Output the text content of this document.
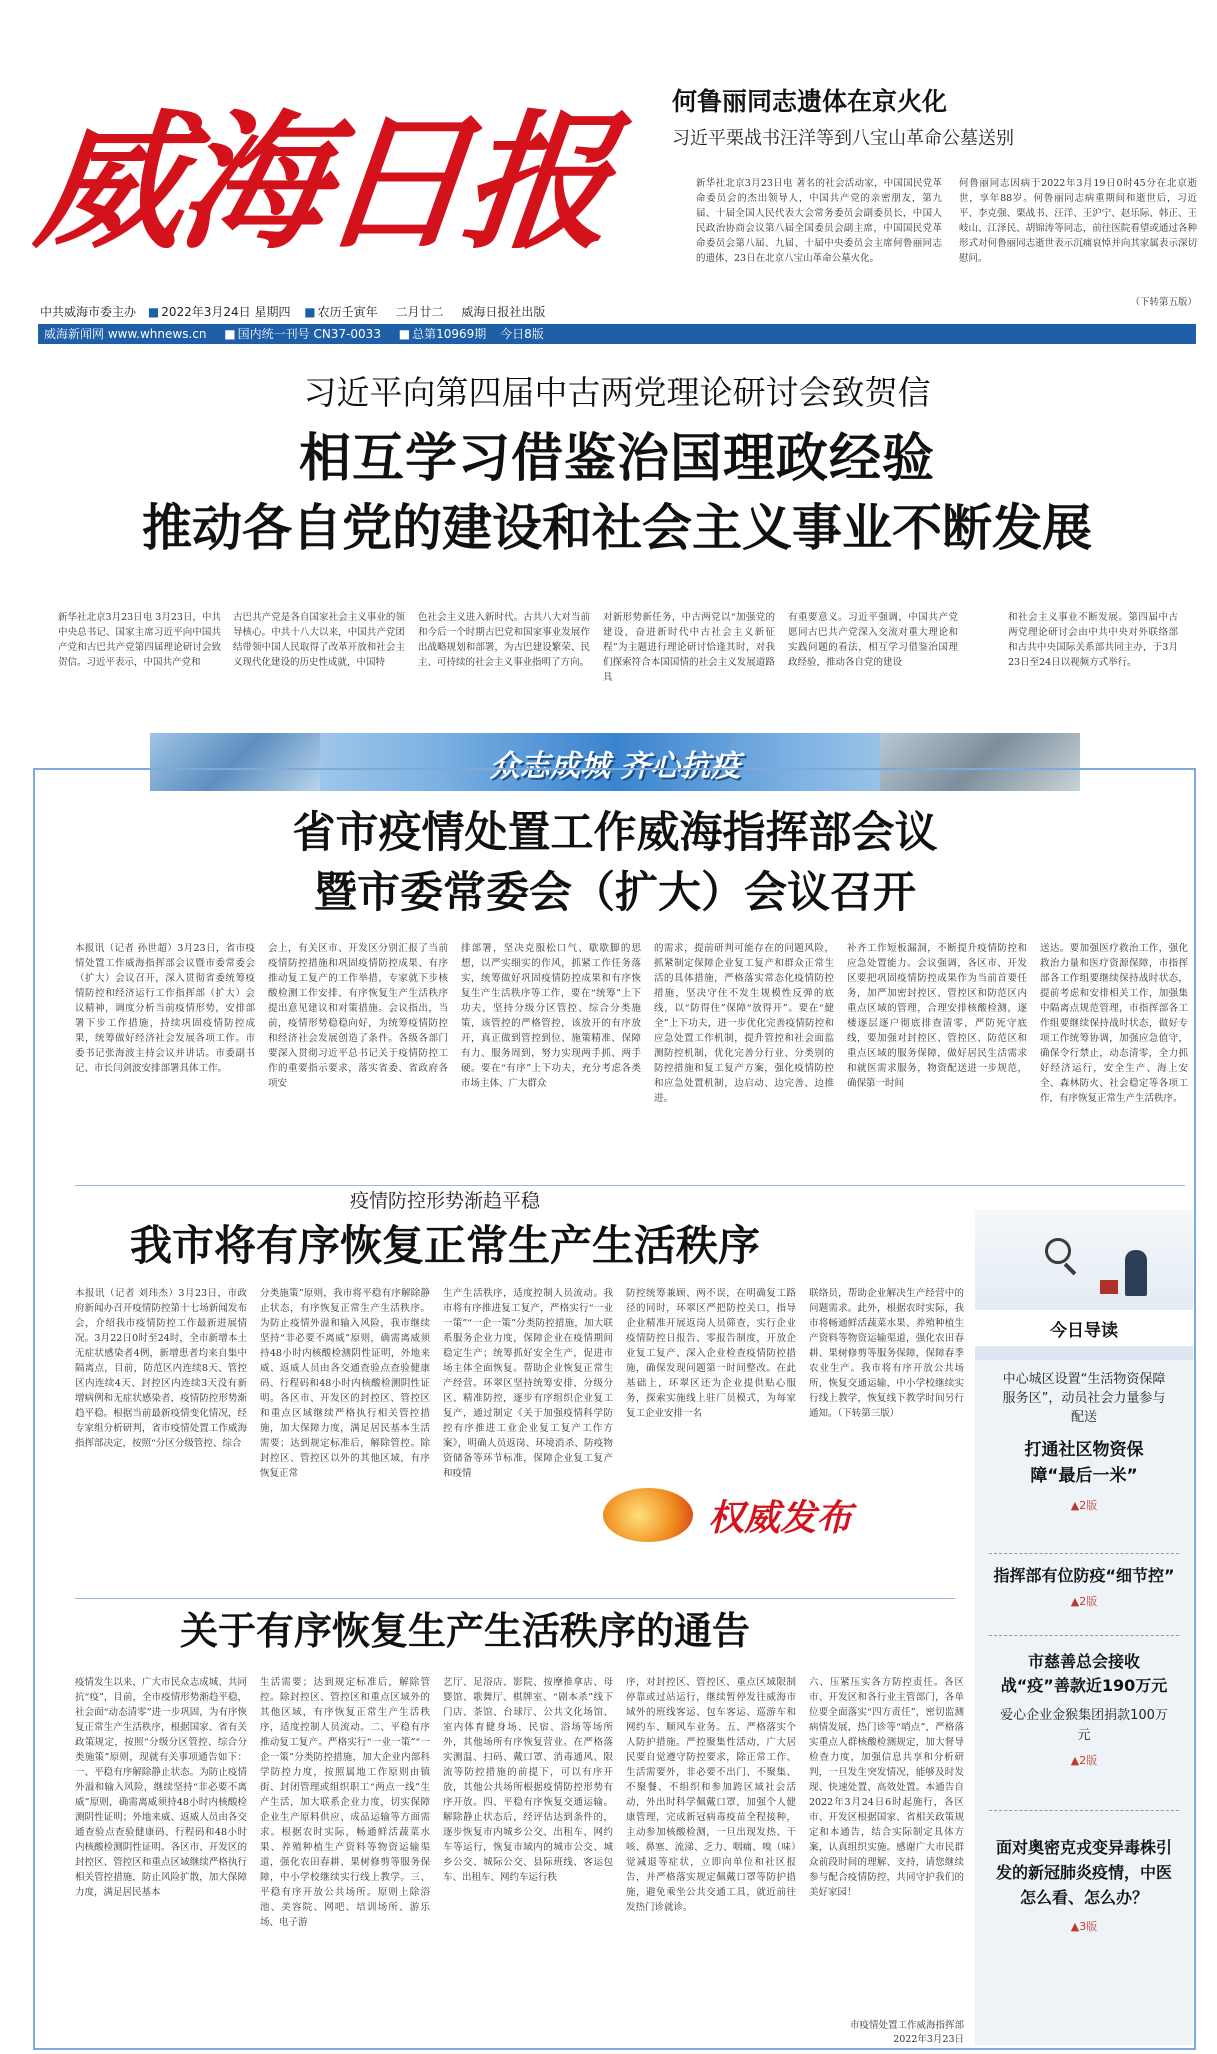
威海日报 何鲁丽同志遗体在京火化
习近平栗战书汪洋等到八宝山革命公墓送别
新华社北京3月23日电 著名的社会活动家，中国国民党革命委员会的杰出领导人，中国共产党的亲密朋友，第九届、十届全国人民代表大会常务委员会副委员长，中国人民政治协商会议第八届全国委员会副主席，中国国民党革命委员会第八届、九届、十届中央委员会主席何鲁丽同志的遗体，23日在北京八宝山革命公墓火化。
何鲁丽同志因病于2022年3月19日0时45分在北京逝世，享年88岁。何鲁丽同志病重期间和逝世后，习近平、李克强、栗战书、汪洋、王沪宁、赵乐际、韩正、王岐山、江泽民、胡锦涛等同志，前往医院看望或通过各种形式对何鲁丽同志逝世表示沉痛哀悼并向其家属表示深切慰问。
（下转第五版）
中共威海市委主办 ■ 2022年3月24日 星期四 ■ 农历壬寅年 二月廿二 威海日报社出版
威海新闻网 www.whnews.cn ■ 国内统一刊号 CN37-0033 ■ 总第10969期 今日8版
习近平向第四届中古两党理论研讨会致贺信
相互学习借鉴治国理政经验
推动各自党的建设和社会主义事业不断发展
新华社北京3月23日电 3月23日，中共中央总书记、国家主席习近平向中国共产党和古巴共产党第四届理论研讨会致贺信。习近平表示，中国共产党和
古巴共产党是各自国家社会主义事业的领导核心。中共十八大以来，中国共产党团结带领中国人民取得了改革开放和社会主义现代化建设的历史性成就，中国特
色社会主义进入新时代。古共八大对当前和今后一个时期古巴党和国家事业发展作出战略规划和部署，为古巴建设繁荣、民主、可持续的社会主义事业指明了方向。
对新形势新任务，中古两党以“加强党的建设，奋进新时代中古社会主义新征程”为主题进行理论研讨恰逢其时，对我们探索符合本国国情的社会主义发展道路具
有重要意义。习近平强调，中国共产党愿同古巴共产党深入交流对重大理论和实践问题的看法，相互学习借鉴治国理政经验，推动各自党的建设
和社会主义事业不断发展。第四届中古两党理论研讨会由中共中央对外联络部和古共中央国际关系部共同主办，于3月23日至24日以视频方式举行。
众志成城 齐心抗疫
省市疫情处置工作威海指挥部会议
暨市委常委会（扩大）会议召开
本报讯（记者 孙世超）3月23日，省市疫情处置工作威海指挥部会议暨市委常委会（扩大）会议召开，深入贯彻省委统筹疫情防控和经济运行工作指挥部（扩大）会议精神，调度分析当前疫情形势，安排部署下步工作措施，持续巩固疫情防控成果，统筹做好经济社会发展各项工作。市委书记张海波主持会议并讲话。市委副书记、市长闫剑波安排部署具体工作。
会上，有关区市、开发区分别汇报了当前疫情防控措施和巩固疫情防控成果、有序推动复工复产的工作举措，专家就下步核酸检测工作安排、有序恢复生产生活秩序提出意见建议和对策措施。会议指出，当前，疫情形势稳稳向好，为统筹疫情防控和经济社会发展创造了条件。各级各部门要深入贯彻习近平总书记关于疫情防控工作的重要指示要求，落实省委、省政府各项安
排部署，坚决克服松口气、歇歇脚的思想，以严实细实的作风，抓紧工作任务落实，统筹做好巩固疫情防控成果和有序恢复生产生活秩序等工作，要在“统筹”上下功夫，坚持分级分区管控、综合分类施策，该管控的严格管控，该放开的有序放开，真正做到管控到位、施策精准、保障有力、服务周到，努力实现两手抓、两手硬。要在“有序”上下功夫，充分考虑各类市场主体、广大群众
的需求，提前研判可能存在的问题风险，抓紧制定保障企业复工复产和群众正常生活的具体措施，严格落实常态化疫情防控措施，坚决守住不发生规模性反弹的底线，以“防得住”保障“放得开”。要在“健全”上下功夫，进一步优化完善疫情防控和应急处置工作机制，提升管控和社会面监测防控机制，优化完善分行业、分类别的防控措施和复工复产方案，强化疫情防控和应急处置机制，边启动、边完善、边推进。
补齐工作短板漏洞，不断提升疫情防控和应急处置能力。会议强调，各区市、开发区要把巩固疫情防控成果作为当前首要任务，加严加密封控区、管控区和防范区内重点区域的管理，合理安排核酸检测，逐楼逐层逐户彻底排查清零，严防死守底线，要加强对封控区、管控区、防范区和重点区域的服务保障，做好居民生活需求和就医需求服务，物资配送进一步规范，确保第一时间
送达。要加强医疗救治工作，强化救治力量和医疗资源保障，市指挥部各工作组要继续保持战时状态，提前考虑和安排相关工作，加强集中隔离点规范管理，市指挥部各工作组要继续保持战时状态，做好专项工作统筹协调，加强应急值守，确保令行禁止，动态清零，全力抓好经济运行，安全生产、海上安全、森林防火、社会稳定等各项工作，有序恢复正常生产生活秩序。
疫情防控形势渐趋平稳
我市将有序恢复正常生产生活秩序
本报讯（记者 刘玮杰）3月23日，市政府新闻办召开疫情防控第十七场新闻发布会，介绍我市疫情防控工作最新进展情况。3月22日0时至24时，全市新增本土无症状感染者4例，新增患者均来自集中隔离点，目前，防范区内连续8天、管控区内连续4天、封控区内连续3天没有新增病例和无症状感染者，疫情防控形势渐趋平稳。根据当前最新疫情变化情况，经专家组分析研判，省市疫情处置工作威海指挥部决定，按照“分区分级管控、综合
分类施策”原则，我市将平稳有序解除静止状态，有序恢复正常生产生活秩序。为防止疫情外溢和输入风险，我市继续坚持“非必要不离威”原则，确需离威须持48小时内核酸检测阴性证明，外地来威、返威人员由各交通查验点查验健康码、行程码和48小时内核酸检测阴性证明。各区市、开发区的封控区、管控区和重点区域继续严格执行相关管控措施，加大保障力度，满足居民基本生活需要；达到规定标准后，解除管控。除封控区、管控区以外的其他区域，有序恢复正常
生产生活秩序，适度控制人员流动。我市将有序推进复工复产，严格实行“一业一策”“一企一策”分类防控措施，加大联系服务企业力度，保障企业在疫情期间稳定生产；统筹抓好安全生产，促进市场主体全面恢复。帮助企业恢复正常生产经营。环翠区坚持统筹安排、分级分区、精准防控，逐步有序组织企业复工复产，通过制定《关于加强疫情科学防控有序推进工业企业复工复产工作方案》，明确人员返岗、环境消杀、防疫物资储备等环节标准，保障企业复工复产和疫情
防控统筹兼顾、两不误，在明确复工路径的同时，环翠区严把防控关口，指导企业精准开展返岗人员筛查，实行企业疫情防控日报告、零报告制度，开放企业复工复产、深入企业检查疫情防控措施，确保发现问题第一时间整改。在此基础上，环翠区还为企业提供贴心服务，探索实施线上驻厂员模式，为每家复工企业安排一名
联络员，帮助企业解决生产经营中的问题需求。此外，根据农时实际，我市将畅通鲜活蔬菜水果、养殖种植生产资料等物资运输渠道，强化农田春耕、果树修剪等服务保障，保障春季农业生产。我市将有序开放公共场所，恢复交通运输，中小学校继续实行线上教学，恢复线下教学时间另行通知。（下转第三版）
权威发布
关于有序恢复生产生活秩序的通告
疫情发生以来，广大市民众志成城、共同抗“疫”，目前，全市疫情形势渐趋平稳，社会面“动态清零”进一步巩固，为有序恢复正常生产生活秩序，根据国家、省有关政策规定，按照“分级分区管控、综合分类施策”原则，现就有关事项通告如下：一、平稳有序解除静止状态。为防止疫情外溢和输入风险，继续坚持“非必要不离威”原则，确需离威须持48小时内核酸检测阴性证明；外地来威、返威人员由各交通查验点查验健康码、行程码和48小时内核酸检测阴性证明。各区市、开发区的封控区、管控区和重点区域继续严格执行相关管控措施，防止风险扩散，加大保障力度，满足居民基本
生活需要；达到规定标准后，解除管控。除封控区、管控区和重点区域外的其他区域，有序恢复正常生产生活秩序，适度控制人员流动。二、平稳有序推动复工复产。严格实行“一业一策”“一企一策”分类防控措施，加大企业内部科学防控力度，按照属地工作原则由镇街、封闭管理或组织职工“两点一线”生产生活，加大联系企业力度，切实保障企业生产原料供应、成品运输等方面需求。根据农时实际，畅通鲜活蔬菜水果、养殖种植生产资料等物资运输渠道，强化农田春耕、果树修剪等服务保障，中小学校继续实行线上教学。三、平稳有序开放公共场所。原则上除浴池、美容院、网吧、培训场所、游乐场、电子游
艺厅、足浴店、影院、按摩推拿店、母婴馆、歌舞厅、棋牌室、“剧本杀”线下门店、茶馆、台球厅、公共文化场馆、室内体育健身场、民宿、浴场等场所外，其他场所有序恢复营业。在严格落实测温、扫码、戴口罩、消毒通风、限流等防控措施的前提下，可以有序开放，其他公共场所根据疫情防控形势有序开放。四、平稳有序恢复交通运输。解除静止状态后，经评估达到条件的，逐步恢复市内城乡公交、出租车、网约车等运行，恢复市域内的城市公交、城乡公交、城际公交、县际班线、客运包车、出租车、网约车运行秩
序，对封控区、管控区、重点区域限制停靠或过站运行，继续暂停发往威海市域外的班线客运、包车客运、巡游车和网约车、顺风车业务。五、严格落实个人防护措施。严控聚集性活动，广大居民要自觉遵守防控要求，除正常工作、生活需要外，非必要不出门、不聚集、不聚餐、不组织和参加跨区域社会活动，外出时科学佩戴口罩，加强个人健康管理，完成新冠病毒疫苗全程接种，主动参加核酸检测，一旦出现发热、干咳、鼻塞、流涕、乏力、咽痛、嗅（味）觉减退等症状，立即向单位和社区报告，并严格落实规定佩戴口罩等防护措施，避免乘坐公共交通工具，就近前往发热门诊就诊。
六、压紧压实各方防控责任。各区市、开发区和各行业主管部门，各单位要全面落实“四方责任”，密切监测病情发展，热门诊等“哨点”，严格落实重点人群核酸检测规定，加大督导检查力度，加强信息共享和分析研判，一旦发生突发情况，能够及时发现、快速处置、高效处置。本通告自2022年3月24日6时起施行，各区市、开发区根据国家、省相关政策规定和本通告，结合实际制定具体方案，认真组织实施。感谢广大市民群众前段时间的理解、支持，请您继续参与配合疫情防控，共同守护我们的美好家园！
市疫情处置工作威海指挥部
2022年3月23日
今日导读
中心城区设置“生活物资保障服务区”，动员社会力量参与配送
打通社区物资保障“最后一米”
▲2版
指挥部有位防疫“细节控”
▲2版
市慈善总会接收战“疫”善款近190万元
爱心企业金猴集团捐款100万元
▲2版
面对奥密克戎变异毒株引发的新冠肺炎疫情，中医怎么看、怎么办？
▲3版
